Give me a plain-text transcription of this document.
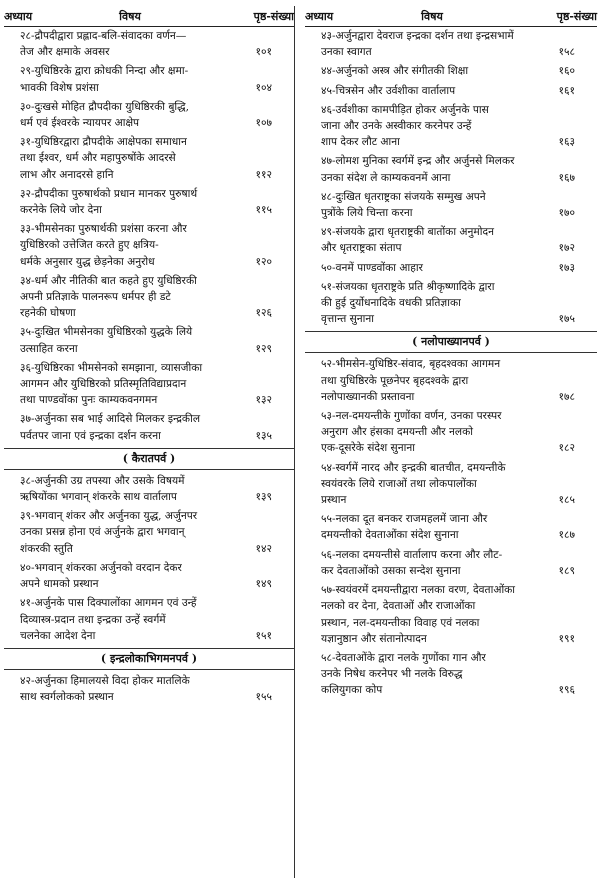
अध्याय	विषय	पृष्ठ-संख्या
२८-द्रौपदीद्वारा प्रह्लाद-बलि-संवादका वर्णन—
तेज और क्षमाके अवसर	१०१
२९-युधिष्ठिरके द्वारा क्रोधकी निन्दा और क्षमा-
भावकी विशेष प्रशंसा	१०४
३०-दुःखसे मोहित द्रौपदीका युधिष्ठिरकी बुद्धि,
धर्म एवं ईश्वरके न्यायपर आक्षेप	१०७
३१-युधिष्ठिरद्वारा द्रौपदीके आक्षेपका समाधान
तथा ईश्वर, धर्म और महापुरुषोंके आदरसे
लाभ और अनादरसे हानि	११२
३२-द्रौपदीका पुरुषार्थको प्रधान मानकर पुरुषार्थ
करनेके लिये जोर देना	११५
३३-भीमसेनका पुरुषार्थकी प्रशंसा करना और
युधिष्ठिरको उत्तेजित करते हुए क्षत्रिय-
धर्मके अनुसार युद्ध छेड़नेका अनुरोध	१२०
३४-धर्म और नीतिकी बात कहते हुए युधिष्ठिरकी
अपनी प्रतिज्ञाके पालनरूप धर्मपर ही डटे
रहनेकी घोषणा	१२६
३५-दुःखित भीमसेनका युधिष्ठिरको युद्धके लिये
उत्साहित करना	१२९
३६-युधिष्ठिरका भीमसेनको समझाना, व्यासजीका
आगमन और युधिष्ठिरको प्रतिस्मृतिविद्याप्रदान
तथा पाण्डवोंका पुनः काम्यकवनगमन	१३२
३७-अर्जुनका सब भाई आदिसे मिलकर इन्द्रकील
पर्वतपर जाना एवं इन्द्रका दर्शन करना	१३५
( कैरातपर्व )
३८-अर्जुनकी उग्र तपस्या और उसके विषयमें
ऋषियोंका भगवान् शंकरके साथ वार्तालाप	१३९
३९-भगवान् शंकर और अर्जुनका युद्ध, अर्जुनपर
उनका प्रसन्न होना एवं अर्जुनके द्वारा भगवान्
शंकरकी स्तुति	१४२
४०-भगवान् शंकरका अर्जुनको वरदान देकर
अपने धामको प्रस्थान	१४९
४१-अर्जुनके पास दिक्पालोंका आगमन एवं उन्हें
दिव्यास्त्र-प्रदान तथा इन्द्रका उन्हें स्वर्गमें
चलनेका आदेश देना	१५१
( इन्द्रलोकाभिगमनपर्व )
४२-अर्जुनका हिमालयसे विदा होकर मातलिके
साथ स्वर्गलोकको प्रस्थान	१५५
अध्याय	विषय	पृष्ठ-संख्या
४३-अर्जुनद्वारा देवराज इन्द्रका दर्शन तथा इन्द्रसभामें
उनका स्वागत	१५८
४४-अर्जुनको अस्त्र और संगीतकी शिक्षा	१६०
४५-चित्रसेन और उर्वशीका वार्तालाप	१६१
४६-उर्वशीका कामपीड़ित होकर अर्जुनके पास
जाना और उनके अस्वीकार करनेपर उन्हें
शाप देकर लौट आना	१६३
४७-लोमश मुनिका स्वर्गमें इन्द्र और अर्जुनसे मिलकर
उनका संदेश ले काम्यकवनमें आना	१६७
४८-दुःखित धृतराष्ट्रका संजयके सम्मुख अपने
पुत्रोंके लिये चिन्ता करना	१७०
४९-संजयके द्वारा धृतराष्ट्रकी बातोंका अनुमोदन
और धृतराष्ट्रका संताप	१७२
५०-वनमें पाण्डवोंका आहार	१७३
५१-संजयका धृतराष्ट्रके प्रति श्रीकृष्णादिके द्वारा
की हुई दुर्योधनादिके वधकी प्रतिज्ञाका
वृत्तान्त सुनाना	१७५
( नलोपाख्यानपर्व )
५२-भीमसेन-युधिष्ठिर-संवाद, बृहदश्वका आगमन
तथा युधिष्ठिरके पूछनेपर बृहदश्वके द्वारा
नलोपाख्यानकी प्रस्तावना	१७८
५३-नल-दमयन्तीके गुणोंका वर्णन, उनका परस्पर
अनुराग और हंसका दमयन्ती और नलको
एक-दूसरेके संदेश सुनाना	१८२
५४-स्वर्गमें नारद और इन्द्रकी बातचीत, दमयन्तीके
स्वयंवरके लिये राजाओं तथा लोकपालोंका
प्रस्थान	१८५
५५-नलका दूत बनकर राजमहलमें जाना और
दमयन्तीको देवताओंका संदेश सुनाना	१८७
५६-नलका दमयन्तीसे वार्तालाप करना और लौट-
कर देवताओंको उसका सन्देश सुनाना	१८९
५७-स्वयंवरमें दमयन्तीद्वारा नलका वरण, देवताओंका
नलको वर देना, देवताओं और राजाओंका
प्रस्थान, नल-दमयन्तीका विवाह एवं नलका
यज्ञानुष्ठान और संतानोत्पादन	१९१
५८-देवताओंके द्वारा नलके गुणोंका गान और
उनके निषेध करनेपर भी नलके विरुद्ध
कलियुगका कोप	१९६
